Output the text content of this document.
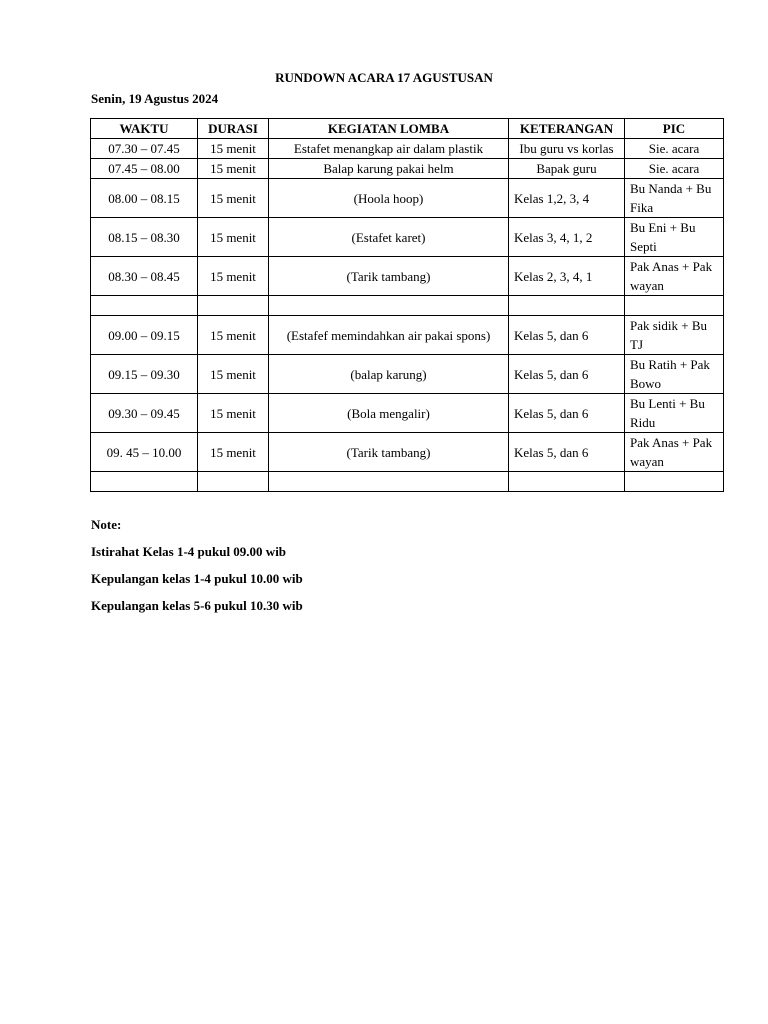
RUNDOWN ACARA 17 AGUSTUSAN
Senin, 19 Agustus 2024
WAKTU	DURASI	KEGIATAN LOMBA	KETERANGAN	PIC
07.30 – 07.45	15 menit	Estafet menangkap air dalam plastik	Ibu guru vs korlas	Sie. acara
07.45 – 08.00	15 menit	Balap karung pakai helm	Bapak guru	Sie. acara
08.00 – 08.15	15 menit	(Hoola hoop)	Kelas 1,2, 3, 4	Bu Nanda + Bu Fika
08.15 – 08.30	15 menit	(Estafet karet)	Kelas 3, 4, 1, 2	Bu Eni + Bu Septi
08.30 – 08.45	15 menit	(Tarik tambang)	Kelas 2, 3, 4, 1	Pak Anas + Pak wayan

09.00 – 09.15	15 menit	(Estafef memindahkan air pakai spons)	Kelas 5, dan 6	Pak sidik + Bu TJ
09.15 – 09.30	15 menit	(balap karung)	Kelas 5, dan 6	Bu Ratih + Pak Bowo
09.30 – 09.45	15 menit	(Bola mengalir)	Kelas 5, dan 6	Bu Lenti + Bu Ridu
09. 45 – 10.00	15 menit	(Tarik tambang)	Kelas 5, dan 6	Pak Anas + Pak wayan

Note:
Istirahat Kelas 1-4 pukul 09.00 wib
Kepulangan kelas 1-4 pukul 10.00 wib
Kepulangan kelas 5-6 pukul 10.30 wib
